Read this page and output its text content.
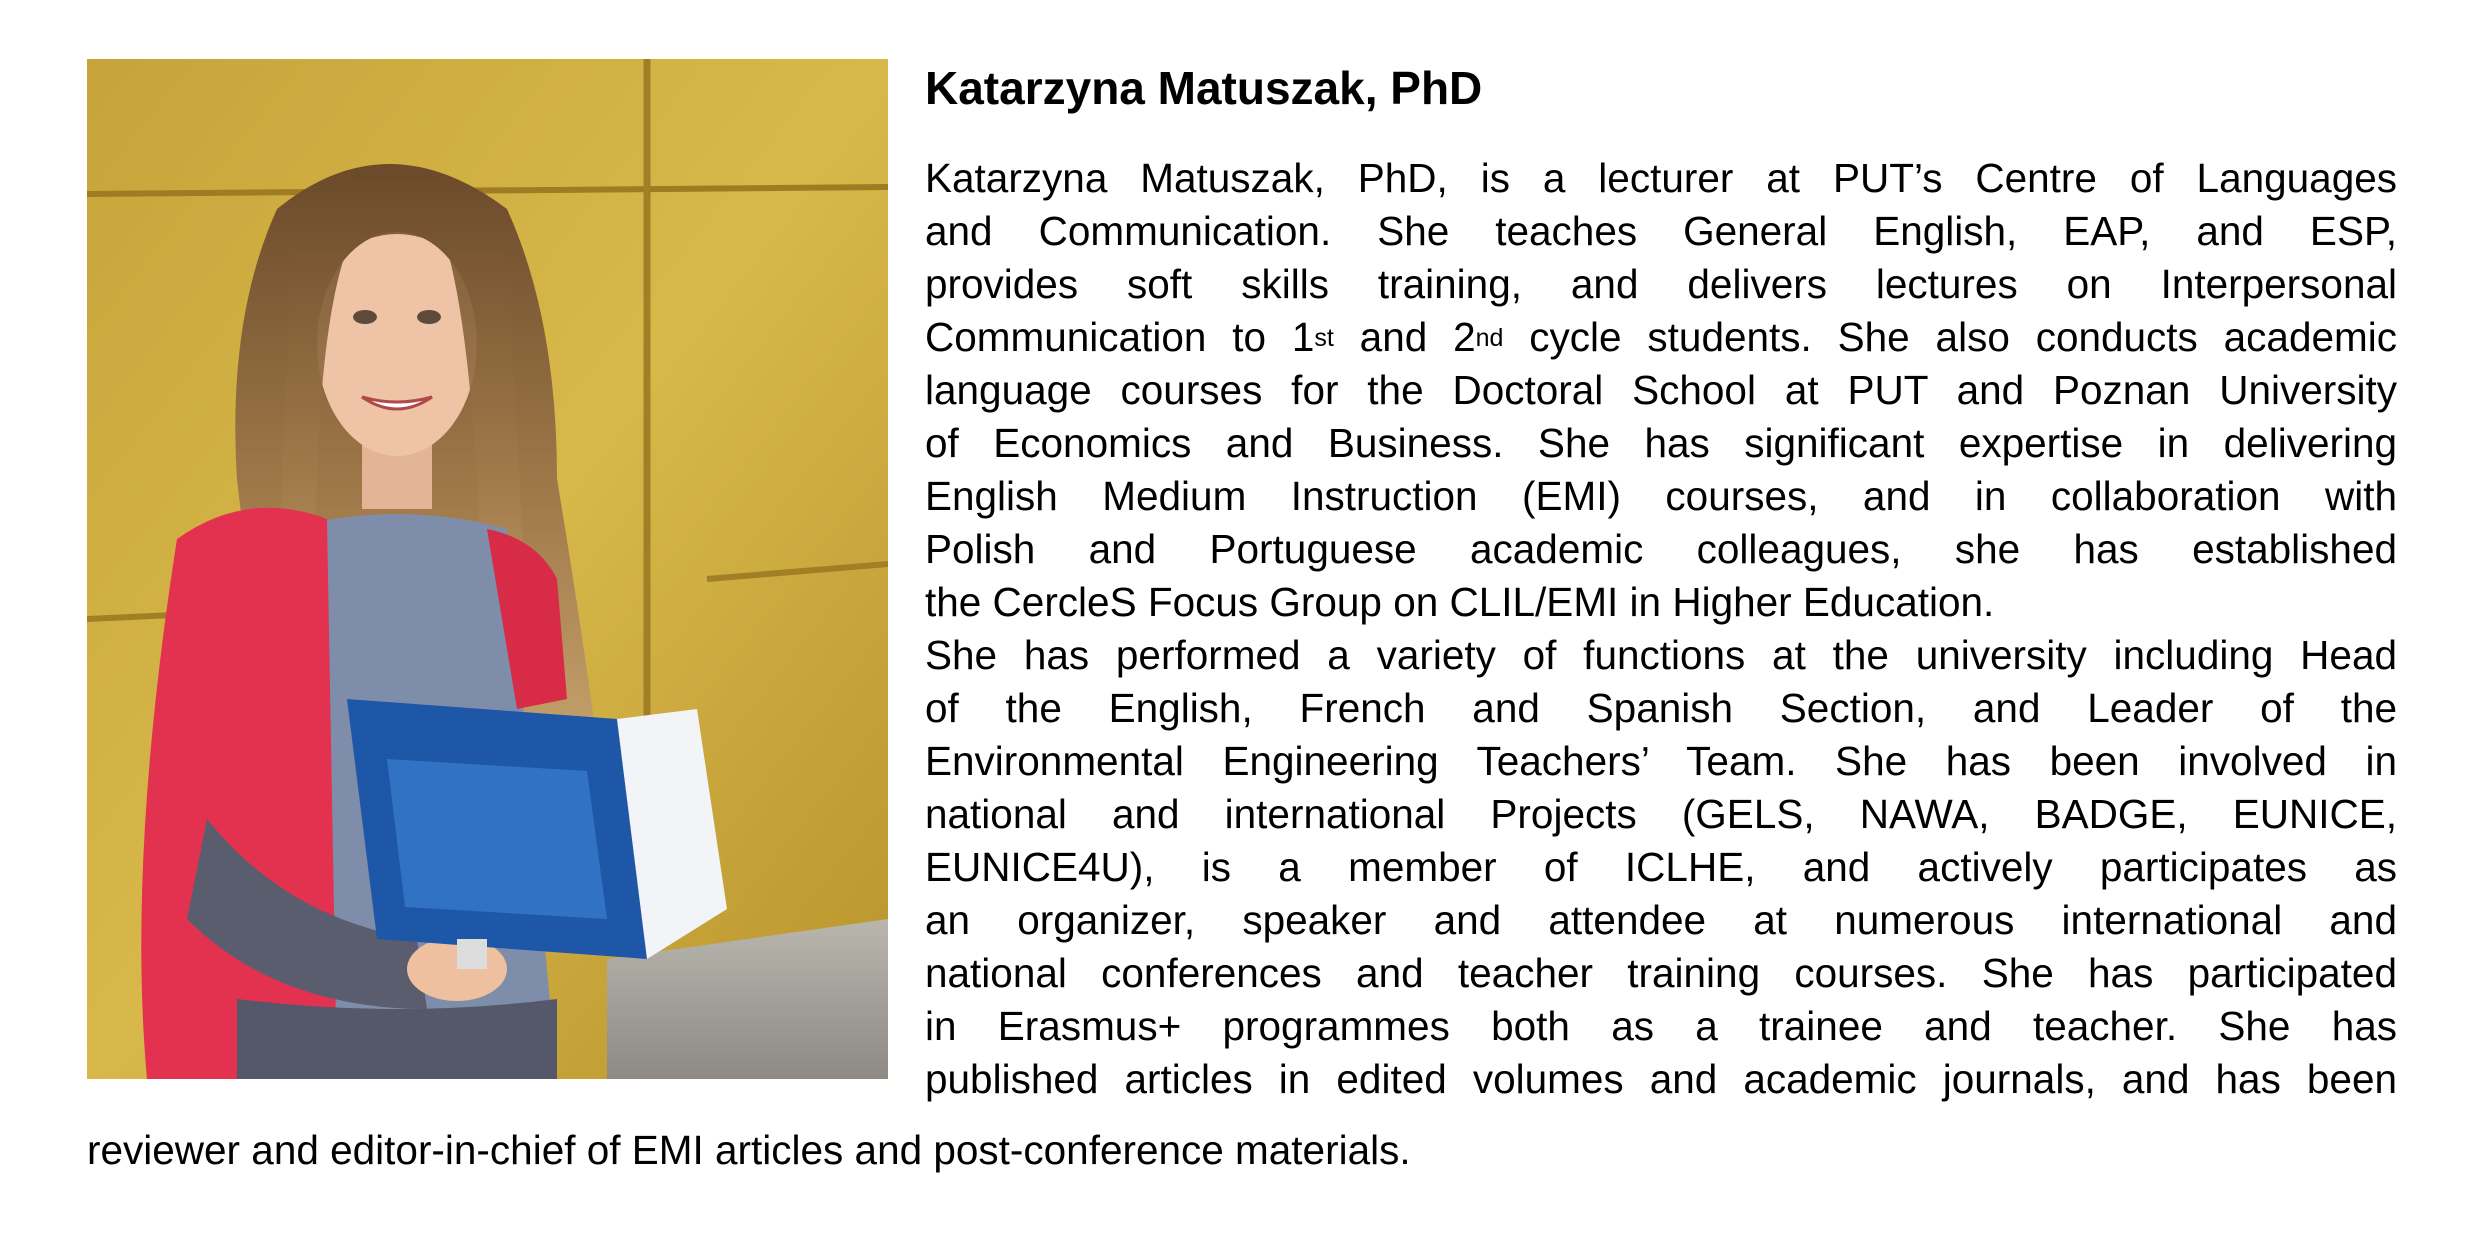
Katarzyna Matuszak, PhD
Katarzyna Matuszak, PhD, is a lecturer at PUT’s Centre of Languages
and Communication. She teaches General English, EAP, and ESP,
provides soft skills training, and delivers lectures on Interpersonal
Communication to 1st and 2nd cycle students. She also conducts academic
language courses for the Doctoral School at PUT and Poznan University
of Economics and Business. She has significant expertise in delivering
English Medium Instruction (EMI) courses, and in collaboration with
Polish and Portuguese academic colleagues, she has established
the CercleS Focus Group on CLIL/EMI in Higher Education.
She has performed a variety of functions at the university including Head
of the English, French and Spanish Section, and Leader of the
Environmental Engineering Teachers’ Team. She has been involved in
national and international Projects (GELS, NAWA, BADGE, EUNICE,
EUNICE4U), is a member of ICLHE, and actively participates as
an organizer, speaker and attendee at numerous international and
national conferences and teacher training courses. She has participated
in Erasmus+ programmes both as a trainee and teacher. She has
published articles in edited volumes and academic journals, and has been
reviewer and editor-in-chief of EMI articles and post-conference materials.
